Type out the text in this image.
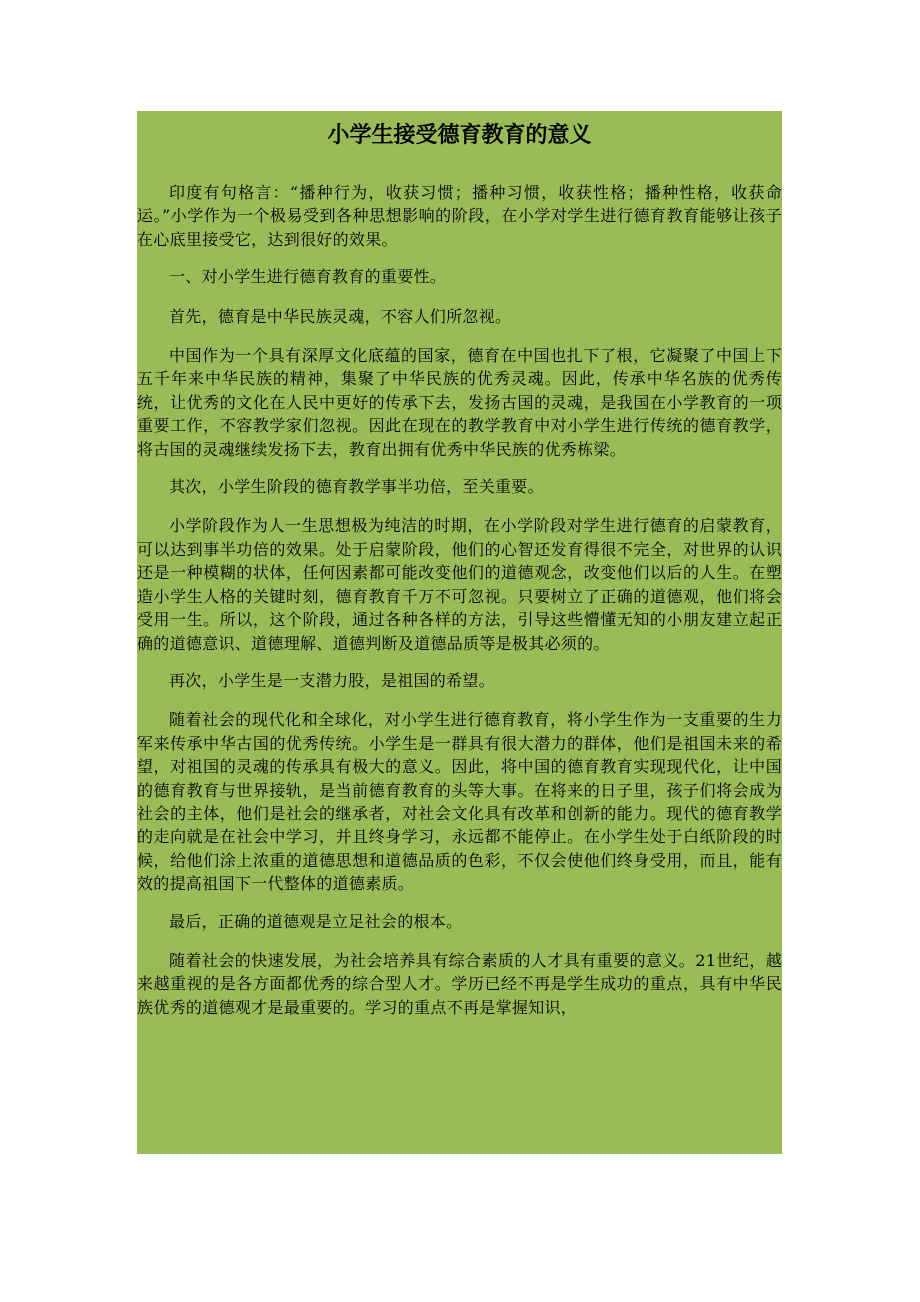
小学生接受德育教育的意义

印度有句格言：“播种行为，收获习惯；播种习惯，收获性格；播种性格，收获命运。”小学作为一个极易受到各种思想影响的阶段，在小学对学生进行德育教育能够让孩子在心底里接受它，达到很好的效果。

一、对小学生进行德育教育的重要性。

首先，德育是中华民族灵魂，不容人们所忽视。

中国作为一个具有深厚文化底蕴的国家，德育在中国也扎下了根，它凝聚了中国上下五千年来中华民族的精神，集聚了中华民族的优秀灵魂。因此，传承中华名族的优秀传统，让优秀的文化在人民中更好的传承下去，发扬古国的灵魂，是我国在小学教育的一项重要工作，不容教学家们忽视。因此在现在的教学教育中对小学生进行传统的德育教学，将古国的灵魂继续发扬下去，教育出拥有优秀中华民族的优秀栋梁。

其次，小学生阶段的德育教学事半功倍，至关重要。

小学阶段作为人一生思想极为纯洁的时期，在小学阶段对学生进行德育的启蒙教育，可以达到事半功倍的效果。处于启蒙阶段，他们的心智还发育得很不完全，对世界的认识还是一种模糊的状体，任何因素都可能改变他们的道德观念，改变他们以后的人生。在塑造小学生人格的关键时刻，德育教育千万不可忽视。只要树立了正确的道德观，他们将会受用一生。所以，这个阶段，通过各种各样的方法，引导这些懵懂无知的小朋友建立起正确的道德意识、道德理解、道德判断及道德品质等是极其必须的。

再次，小学生是一支潜力股，是祖国的希望。

随着社会的现代化和全球化，对小学生进行德育教育，将小学生作为一支重要的生力军来传承中华古国的优秀传统。小学生是一群具有很大潜力的群体，他们是祖国未来的希望，对祖国的灵魂的传承具有极大的意义。因此，将中国的德育教育实现现代化，让中国的德育教育与世界接轨，是当前德育教育的头等大事。在将来的日子里，孩子们将会成为社会的主体，他们是社会的继承者，对社会文化具有改革和创新的能力。现代的德育教学的走向就是在社会中学习，并且终身学习，永远都不能停止。在小学生处于白纸阶段的时候，给他们涂上浓重的道德思想和道德品质的色彩，不仅会使他们终身受用，而且，能有效的提高祖国下一代整体的道德素质。

最后，正确的道德观是立足社会的根本。

随着社会的快速发展，为社会培养具有综合素质的人才具有重要的意义。21世纪，越来越重视的是各方面都优秀的综合型人才。学历已经不再是学生成功的重点，具有中华民族优秀的道德观才是最重要的。学习的重点不再是掌握知识，
